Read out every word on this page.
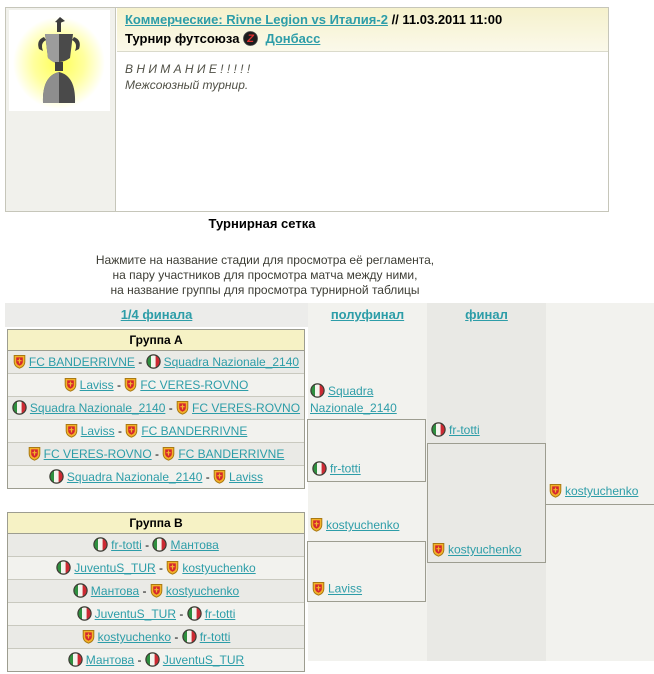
Коммерческие: Rivne Legion vs Италия-2 // 11.03.2011 11:00
Турнир футсоюза Z Донбасс
В Н И М А Н И Е ! ! ! ! !
Межсоюзный турнир.
Турнирная сетка
Нажмите на название стадии для просмотра её регламента,
на пару участников для просмотра матча между ними,
на название группы для просмотра турнирной таблицы
1/4 финала	полуфинал	финал
Группа А
FC BANDERRIVNE - Squadra Nazionale_2140
Laviss - FC VERES-ROVNO
Squadra Nazionale_2140 - FC VERES-ROVNO
Laviss - FC BANDERRIVNE
FC VERES-ROVNO - FC BANDERRIVNE
Squadra Nazionale_2140 - Laviss
Группа В
fr-totti - Мантова
JuventuS_TUR - kostyuchenko
Мантова - kostyuchenko
JuventuS_TUR - fr-totti
kostyuchenko - fr-totti
Мантова - JuventuS_TUR
Squadra Nazionale_2140
fr-totti
kostyuchenko
Laviss
fr-totti
kostyuchenko
kostyuchenko
